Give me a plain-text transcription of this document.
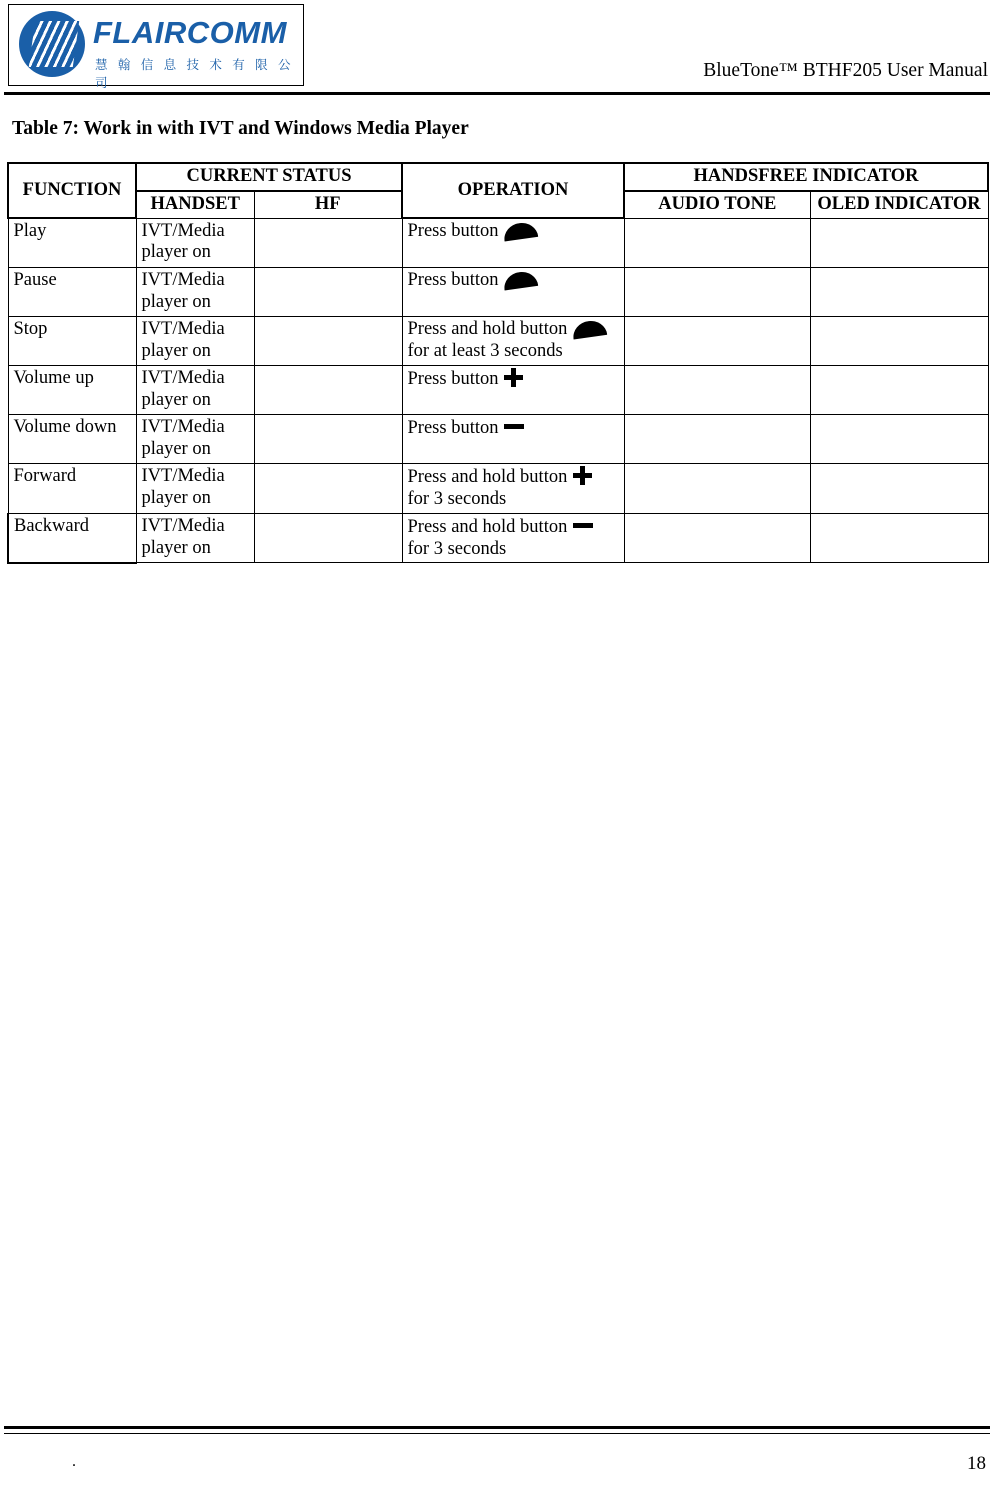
FLAIRCOMM
慧 翰 信 息 技 术 有 限 公 司
BlueTone™ BTHF205 User Manual
Table 7: Work in with IVT and Windows Media Player
FUNCTION	CURRENT STATUS		OPERATION	HANDSFREE INDICATOR	
	HANDSET	HF		AUDIO TONE	OLED INDICATOR
Play	IVT/Media player on		Press button		
Pause	IVT/Media player on		Press button		
Stop	IVT/Media player on		Press and hold button  for at least 3 seconds		
Volume up	IVT/Media player on		Press button		
Volume down	IVT/Media player on		Press button		
Forward	IVT/Media player on		Press and hold button  for 3 seconds		
Backward	IVT/Media player on		Press and hold button  for 3 seconds		
.	18
